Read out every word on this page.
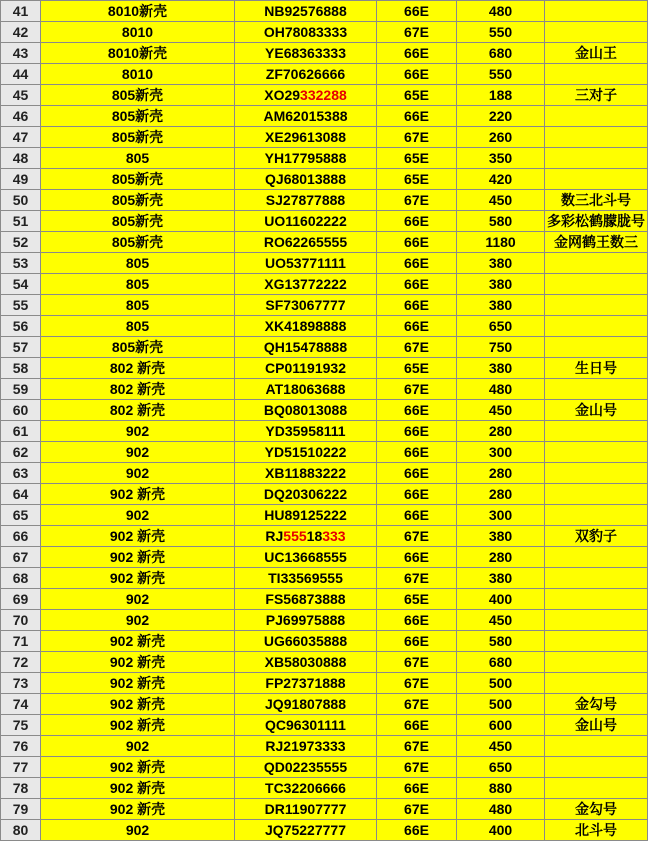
41	8010新壳	NB92576888	66E	480	
42	8010	OH78083333	67E	550	
43	8010新壳	YE68363333	66E	680	金山王
44	8010	ZF70626666	66E	550	
45	805新壳	XO29332288	65E	188	三对子
46	805新壳	AM62015388	66E	220	
47	805新壳	XE29613088	67E	260	
48	805	YH17795888	65E	350	
49	805新壳	QJ68013888	65E	420	
50	805新壳	SJ27877888	67E	450	数三北斗号
51	805新壳	UO11602222	66E	580	多彩松鹤朦胧号
52	805新壳	RO62265555	66E	1180	金网鹤王数三
53	805	UO53771111	66E	380	
54	805	XG13772222	66E	380	
55	805	SF73067777	66E	380	
56	805	XK41898888	66E	650	
57	805新壳	QH15478888	67E	750	
58	802 新壳	CP01191932	65E	380	生日号
59	802 新壳	AT18063688	67E	480	
60	802 新壳	BQ08013088	66E	450	金山号
61	902	YD35958111	66E	280	
62	902	YD51510222	66E	300	
63	902	XB11883222	66E	280	
64	902 新壳	DQ20306222	66E	280	
65	902	HU89125222	66E	300	
66	902 新壳	RJ55518333	67E	380	双豹子
67	902 新壳	UC13668555	66E	280	
68	902 新壳	TI33569555	67E	380	
69	902	FS56873888	65E	400	
70	902	PJ69975888	66E	450	
71	902 新壳	UG66035888	66E	580	
72	902 新壳	XB58030888	67E	680	
73	902 新壳	FP27371888	67E	500	
74	902 新壳	JQ91807888	67E	500	金勾号
75	902 新壳	QC96301111	66E	600	金山号
76	902	RJ21973333	67E	450	
77	902 新壳	QD02235555	67E	650	
78	902 新壳	TC32206666	66E	880	
79	902 新壳	DR11907777	67E	480	金勾号
80	902	JQ75227777	66E	400	北斗号
